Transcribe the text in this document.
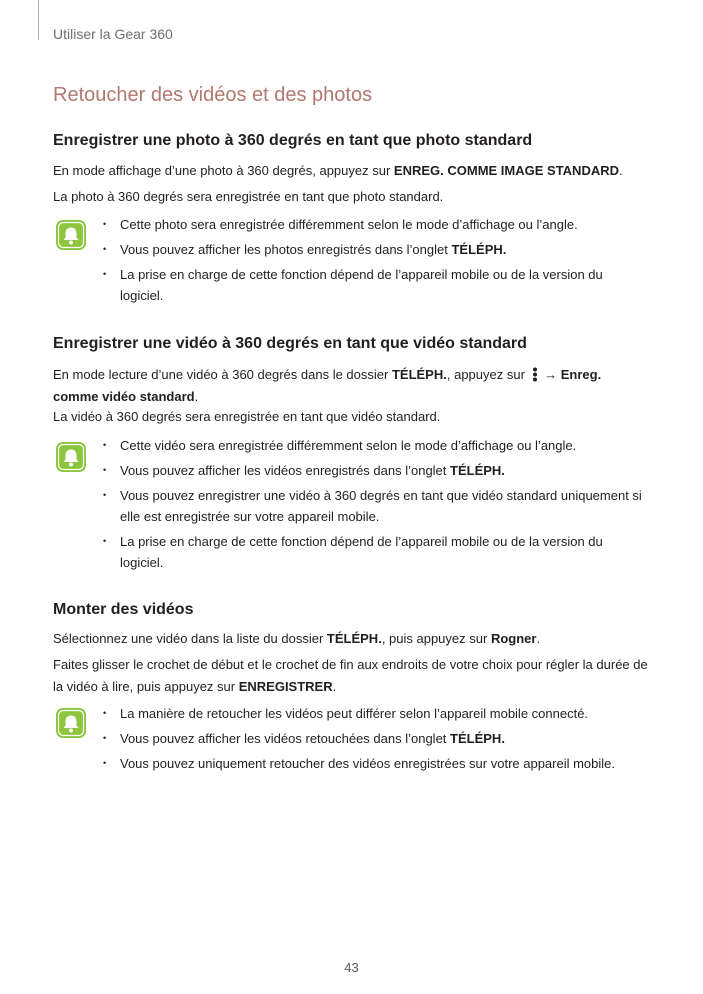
Utiliser la Gear 360
Retoucher des vidéos et des photos
Enregistrer une photo à 360 degrés en tant que photo standard

En mode affichage d’une photo à 360 degrés, appuyez sur ENREG. COMME IMAGE STANDARD.

La photo à 360 degrés sera enregistrée en tant que photo standard.

• Cette photo sera enregistrée différemment selon le mode d’affichage ou l’angle.
• Vous pouvez afficher les photos enregistrés dans l’onglet TÉLÉPH.
• La prise en charge de cette fonction dépend de l’appareil mobile ou de la version du logiciel.
Enregistrer une vidéo à 360 degrés en tant que vidéo standard

En mode lecture d’une vidéo à 360 degrés dans le dossier TÉLÉPH., appuyez sur  → Enreg. comme vidéo standard.

La vidéo à 360 degrés sera enregistrée en tant que vidéo standard.

• Cette vidéo sera enregistrée différemment selon le mode d’affichage ou l’angle.
• Vous pouvez afficher les vidéos enregistrés dans l’onglet TÉLÉPH.
• Vous pouvez enregistrer une vidéo à 360 degrés en tant que vidéo standard uniquement si elle est enregistrée sur votre appareil mobile.
• La prise en charge de cette fonction dépend de l’appareil mobile ou de la version du logiciel.
Monter des vidéos

Sélectionnez une vidéo dans la liste du dossier TÉLÉPH., puis appuyez sur Rogner.

Faites glisser le crochet de début et le crochet de fin aux endroits de votre choix pour régler la durée de la vidéo à lire, puis appuyez sur ENREGISTRER.

• La manière de retoucher les vidéos peut différer selon l’appareil mobile connecté.
• Vous pouvez afficher les vidéos retouchées dans l’onglet TÉLÉPH.
• Vous pouvez uniquement retoucher des vidéos enregistrées sur votre appareil mobile.
43
